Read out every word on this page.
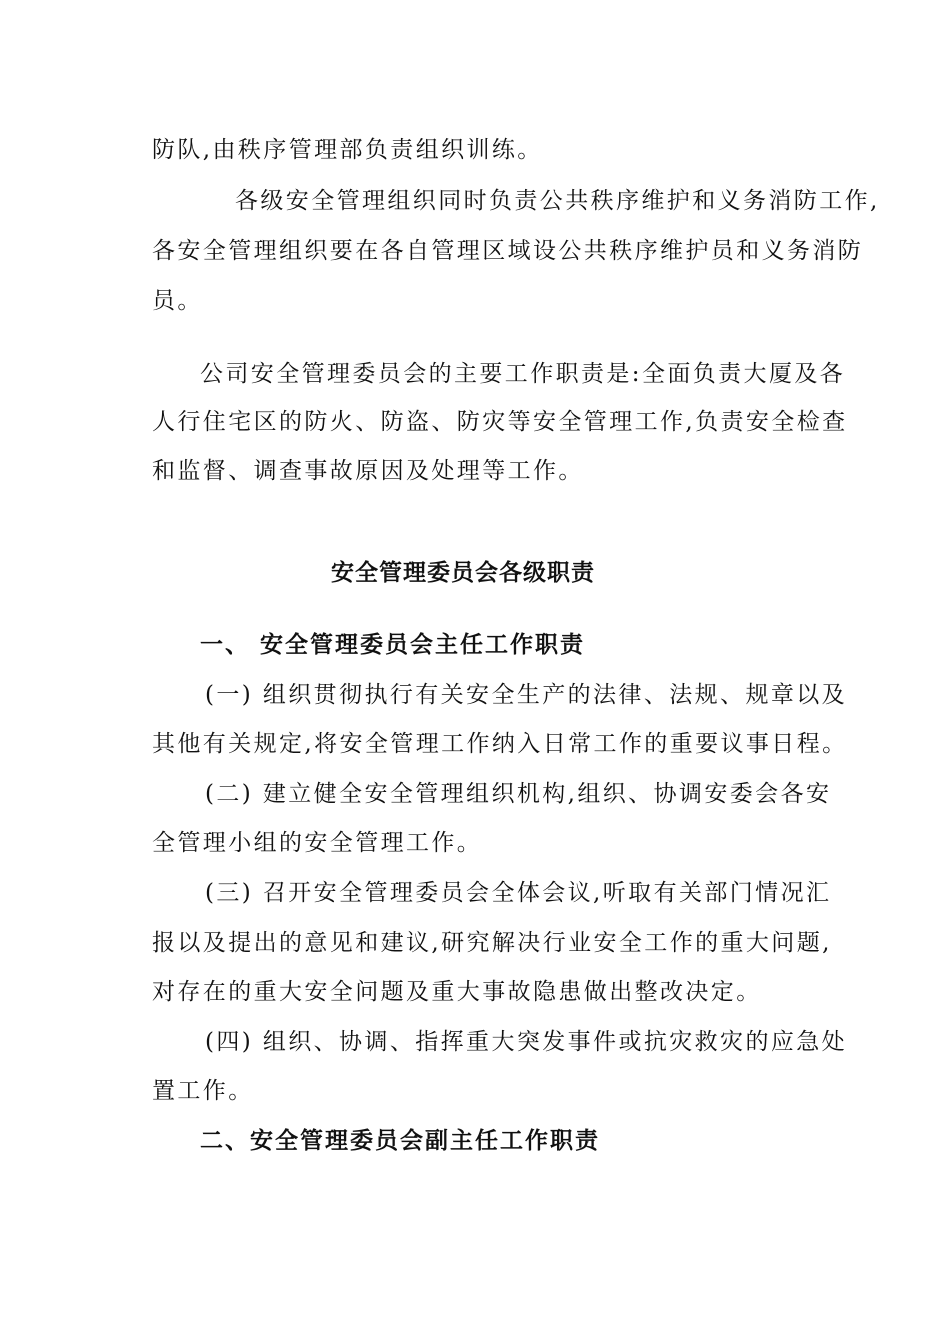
防队,由秩序管理部负责组织训练。
各级安全管理组织同时负责公共秩序维护和义务消防工作,
各安全管理组织要在各自管理区域设公共秩序维护员和义务消防
员。
公司安全管理委员会的主要工作职责是:全面负责大厦及各
人行住宅区的防火、防盗、防灾等安全管理工作,负责安全检查
和监督、调查事故原因及处理等工作。
安全管理委员会各级职责
一、 安全管理委员会主任工作职责
(一) 组织贯彻执行有关安全生产的法律、法规、规章以及
其他有关规定,将安全管理工作纳入日常工作的重要议事日程。
(二) 建立健全安全管理组织机构,组织、协调安委会各安
全管理小组的安全管理工作。
(三) 召开安全管理委员会全体会议,听取有关部门情况汇
报以及提出的意见和建议,研究解决行业安全工作的重大问题,
对存在的重大安全问题及重大事故隐患做出整改决定。
(四) 组织、协调、指挥重大突发事件或抗灾救灾的应急处
置工作。
二、安全管理委员会副主任工作职责
